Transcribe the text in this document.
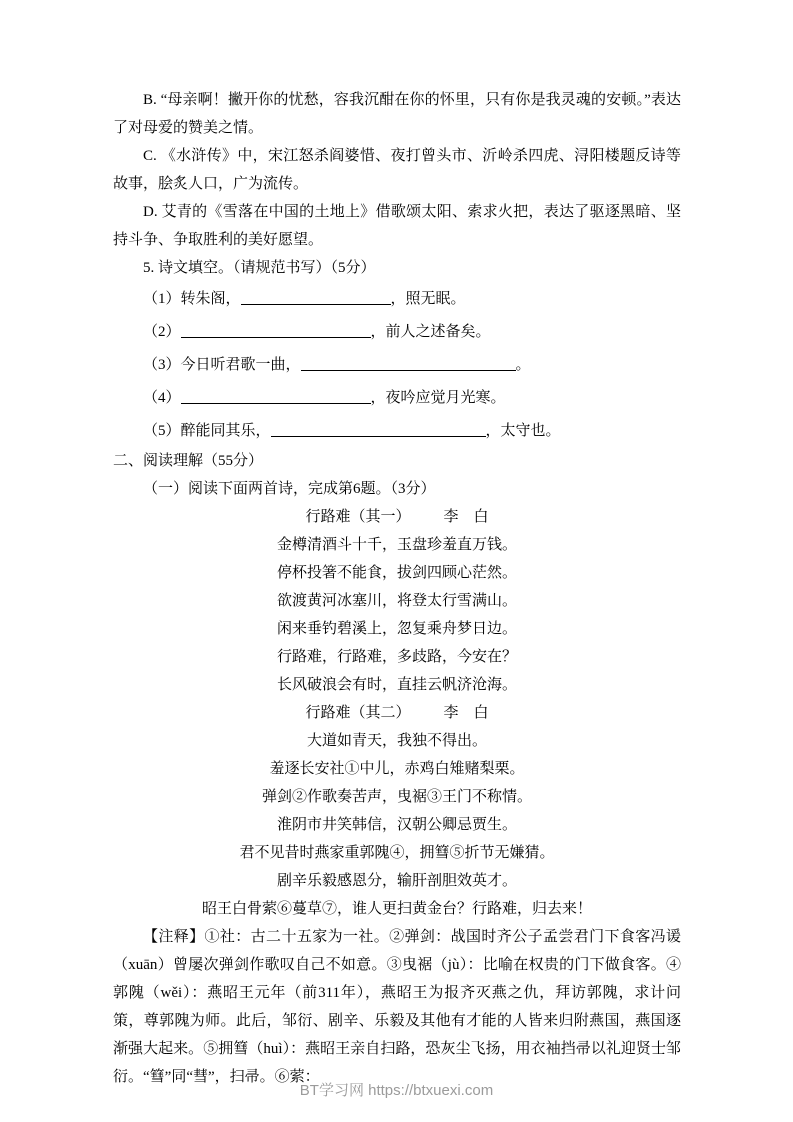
B. “母亲啊！撇开你的忧愁，容我沉酣在你的怀里，只有你是我灵魂的安顿。”表达了对母爱的赞美之情。
C. 《水浒传》中，宋江怒杀阎婆惜、夜打曾头市、沂岭杀四虎、浔阳楼题反诗等故事，脍炙人口，广为流传。
D. 艾青的《雪落在中国的土地上》借歌颂太阳、索求火把，表达了驱逐黑暗、坚持斗争、争取胜利的美好愿望。
5. 诗文填空。（请规范书写）（5分）
（1）转朱阁，	，照无眠。
（2）	，前人之述备矣。
（3）今日听君歌一曲，	。
（4）	，夜吟应觉月光寒。
（5）醉能同其乐，	，太守也。
二、阅读理解（55分）
（一）阅读下面两首诗，完成第6题。（3分）
行路难（其一） 李　白
金樽清酒斗十千，玉盘珍羞直万钱。
停杯投箸不能食，拔剑四顾心茫然。
欲渡黄河冰塞川，将登太行雪满山。
闲来垂钓碧溪上，忽复乘舟梦日边。
行路难，行路难，多歧路，今安在？
长风破浪会有时，直挂云帆济沧海。
行路难（其二） 李　白
大道如青天，我独不得出。
羞逐长安社①中儿，赤鸡白雉赌梨栗。
弹剑②作歌奏苦声，曳裾③王门不称情。
淮阴市井笑韩信，汉朝公卿忌贾生。
君不见昔时燕家重郭隗④，拥篲⑤折节无嫌猜。
剧辛乐毅感恩分，输肝剖胆效英才。
昭王白骨萦⑥蔓草⑦，谁人更扫黄金台？行路难，归去来！
【注释】①社：古二十五家为一社。②弹剑：战国时齐公子孟尝君门下食客冯谖（xuān）曾屡次弹剑作歌叹自己不如意。③曳裾（jù）：比喻在权贵的门下做食客。④郭隗（wěi）：燕昭王元年（前311年），燕昭王为报齐灭燕之仇，拜访郭隗，求计问策，尊郭隗为师。此后，邹衍、剧辛、乐毅及其他有才能的人皆来归附燕国，燕国逐渐强大起来。⑤拥篲（huì）：燕昭王亲自扫路，恐灰尘飞扬，用衣袖挡帚以礼迎贤士邹衍。“篲”同“彗”，扫帚。⑥萦：
BT学习网 https://btxuexi.com
